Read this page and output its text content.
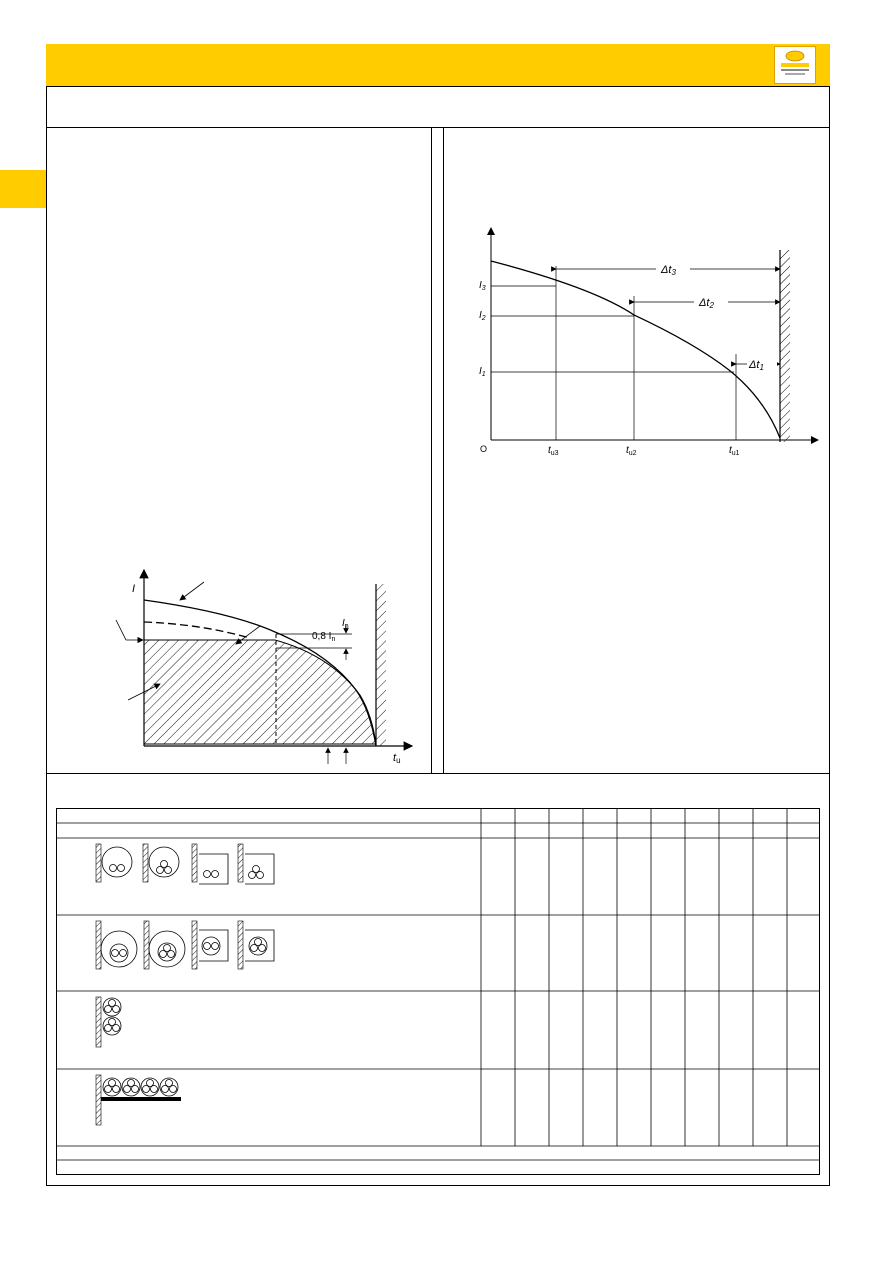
Δt3
Δt2
Δt1
$I_3$
$I_2$
$I_1$
O	$t_{u3}$	$t_{u2}$	$t_{u1}$
I
tu
0,8 $I_n$
$I_n$
